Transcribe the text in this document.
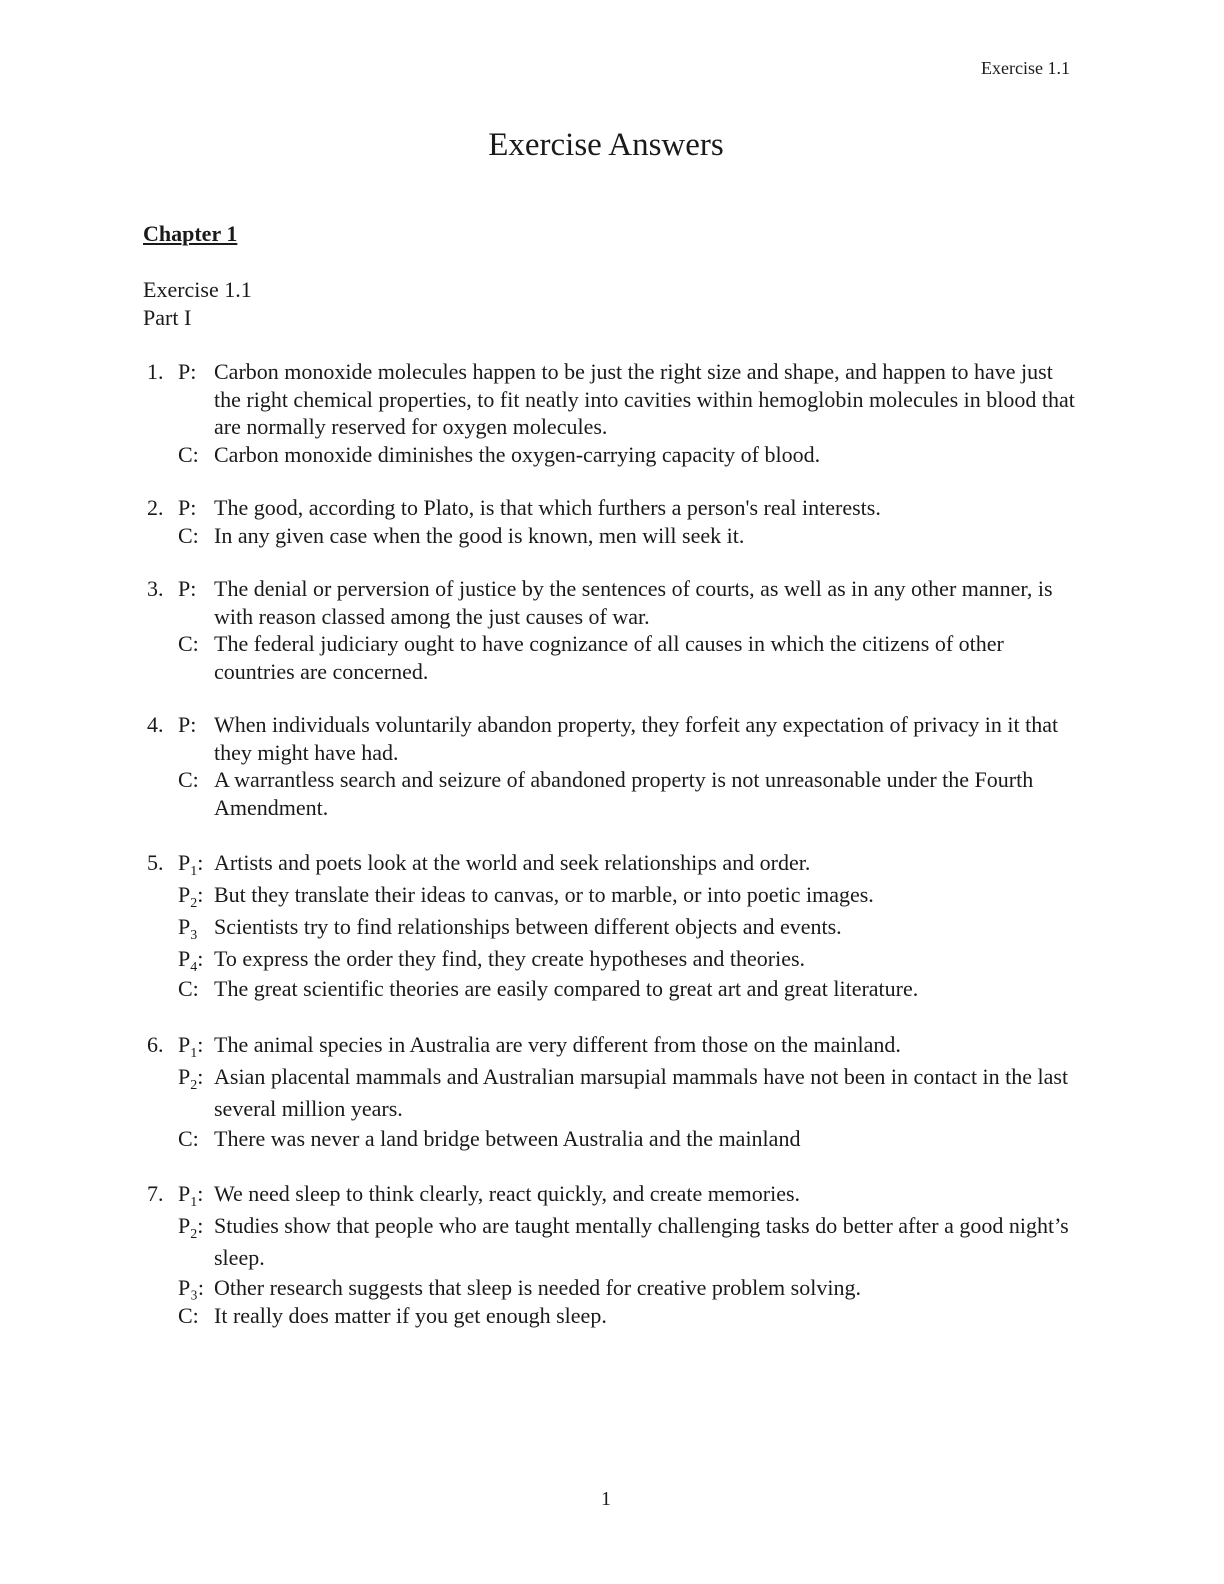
Exercise 1.1
Exercise Answers
Chapter 1
Exercise 1.1
Part I
1. P: Carbon monoxide molecules happen to be just the right size and shape, and happen to have just the right chemical properties, to fit neatly into cavities within hemoglobin molecules in blood that are normally reserved for oxygen molecules.
C: Carbon monoxide diminishes the oxygen-carrying capacity of blood.
2. P: The good, according to Plato, is that which furthers a person's real interests.
C: In any given case when the good is known, men will seek it.
3. P: The denial or perversion of justice by the sentences of courts, as well as in any other manner, is with reason classed among the just causes of war.
C: The federal judiciary ought to have cognizance of all causes in which the citizens of other countries are concerned.
4. P: When individuals voluntarily abandon property, they forfeit any expectation of privacy in it that they might have had.
C: A warrantless search and seizure of abandoned property is not unreasonable under the Fourth Amendment.
5. $P_1$: Artists and poets look at the world and seek relationships and order.
$P_2$: But they translate their ideas to canvas, or to marble, or into poetic images.
$P_3$ Scientists try to find relationships between different objects and events.
$P_4$: To express the order they find, they create hypotheses and theories.
C: The great scientific theories are easily compared to great art and great literature.
6. $P_1$: The animal species in Australia are very different from those on the mainland.
$P_2$: Asian placental mammals and Australian marsupial mammals have not been in contact in the last several million years.
C: There was never a land bridge between Australia and the mainland
7. $P_1$: We need sleep to think clearly, react quickly, and create memories.
$P_2$: Studies show that people who are taught mentally challenging tasks do better after a good night’s sleep.
P₃: Other research suggests that sleep is needed for creative problem solving.
C: It really does matter if you get enough sleep.
1
